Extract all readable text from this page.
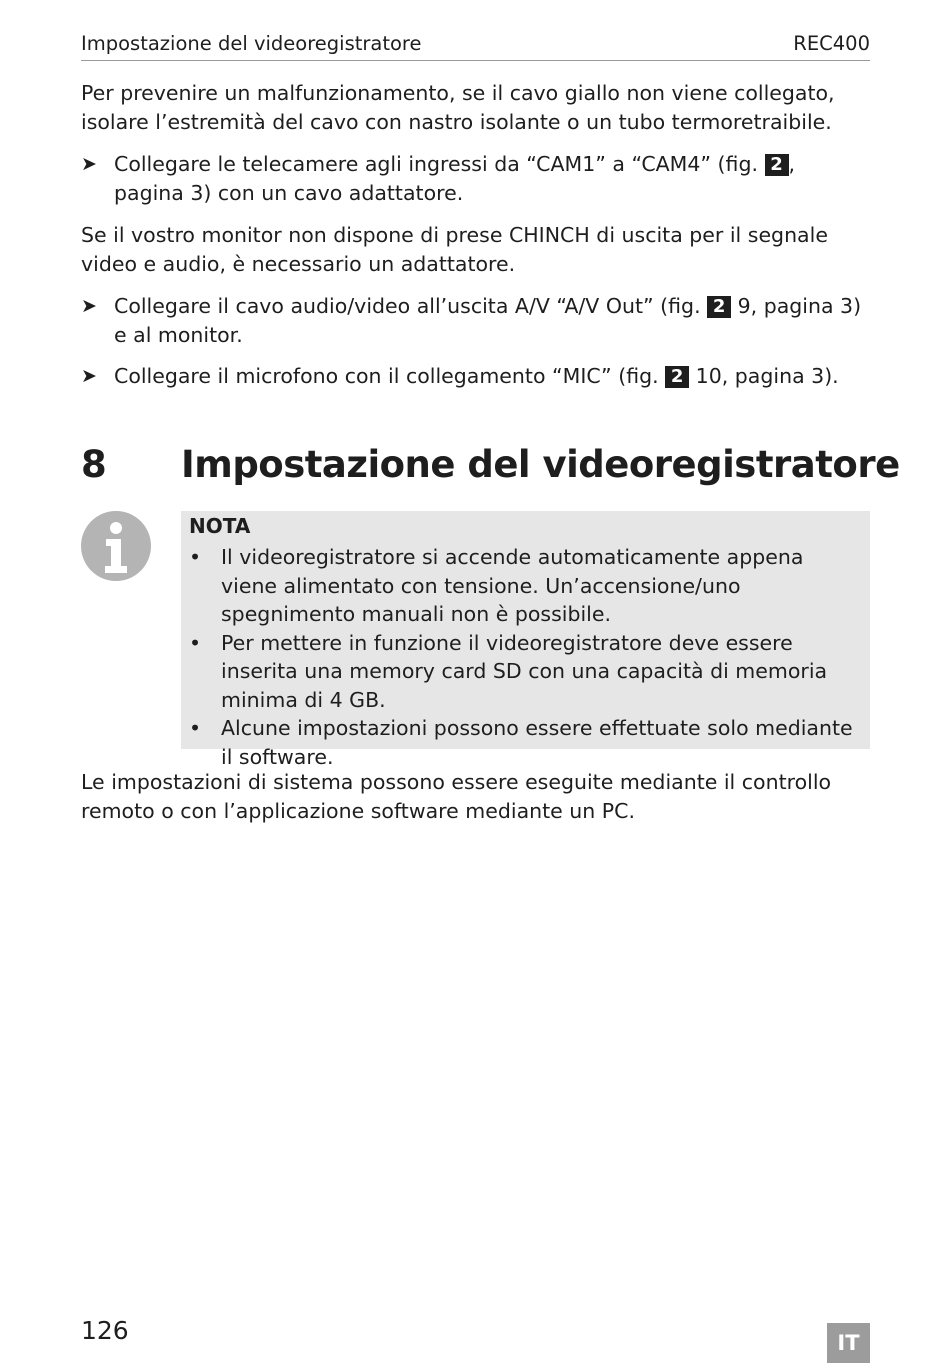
Impostazione del videoregistratore	REC400

Per prevenire un malfunzionamento, se il cavo giallo non viene collegato, isolare l’estremità del cavo con nastro isolante o un tubo termoretraibile.

➤ Collegare le telecamere agli ingressi da “CAM1” a “CAM4” (fig. 2 , pagina 3) con un cavo adattatore.

Se il vostro monitor non dispone di prese CHINCH di uscita per il segnale video e audio, è necessario un adattatore.

➤ Collegare il cavo audio/video all’uscita A/V “A/V Out” (fig. 2 9, pagina 3) e al monitor.
➤ Collegare il microfono con il collegamento “MIC” (fig. 2 10, pagina 3).
8 Impostazione del videoregistratore
NOTA
• Il videoregistratore si accende automaticamente appena viene alimentato con tensione. Un’accensione/uno spegnimento manuali non è possibile.
• Per mettere in funzione il videoregistratore deve essere inserita una memory card SD con una capacità di memoria minima di 4 GB.
• Alcune impostazioni possono essere effettuate solo mediante il software.

Le impostazioni di sistema possono essere eseguite mediante il controllo remoto o con l’applicazione software mediante un PC.

126	IT
